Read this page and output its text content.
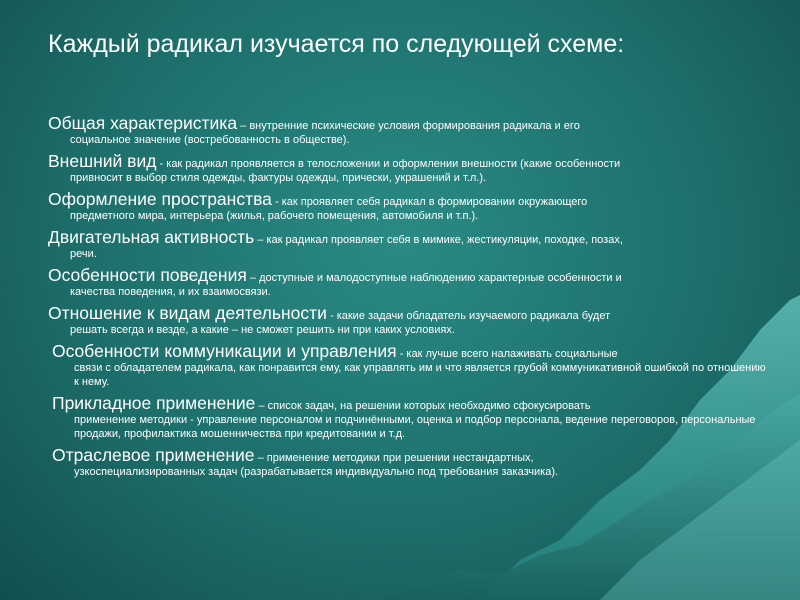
Каждый радикал изучается по следующей схеме:
Общая характеристика – внутренние психические условия формирования радикала и его
социальное значение (востребованность в обществе).
Внешний вид - как радикал проявляется в телосложении и оформлении внешности (какие особенности
привносит в выбор стиля одежды, фактуры одежды, прически, украшений и т.л.).
Оформление пространства - как проявляет себя радикал в формировании окружающего
предметного мира, интерьера (жилья, рабочего помещения, автомобиля и т.п.).
Двигательная активность – как радикал проявляет себя в мимике, жестикуляции, походке, позах,
речи.
Особенности поведения – доступные и малодоступные наблюдению характерные особенности и
качества поведения, и их взаимосвязи.
Отношение к видам деятельности - какие задачи обладатель изучаемого радикала будет
решать всегда и везде, а какие – не сможет решить ни при каких условиях.
Особенности коммуникации и управления - как лучше всего налаживать социальные
связи с обладателем радикала, как понравится ему, как управлять им и что является грубой коммуникативной ошибкой по отношению к нему.
Прикладное применение – список задач, на решении которых необходимо сфокусировать
применение методики - управление персоналом и подчинёнными, оценка и подбор персонала, ведение переговоров, персональные продажи, профилактика мошенничества при кредитовании и т.д.
Отраслевое применение – применение методики при решении нестандартных,
узкоспециализированных задач (разрабатывается индивидуально под требования заказчика).
